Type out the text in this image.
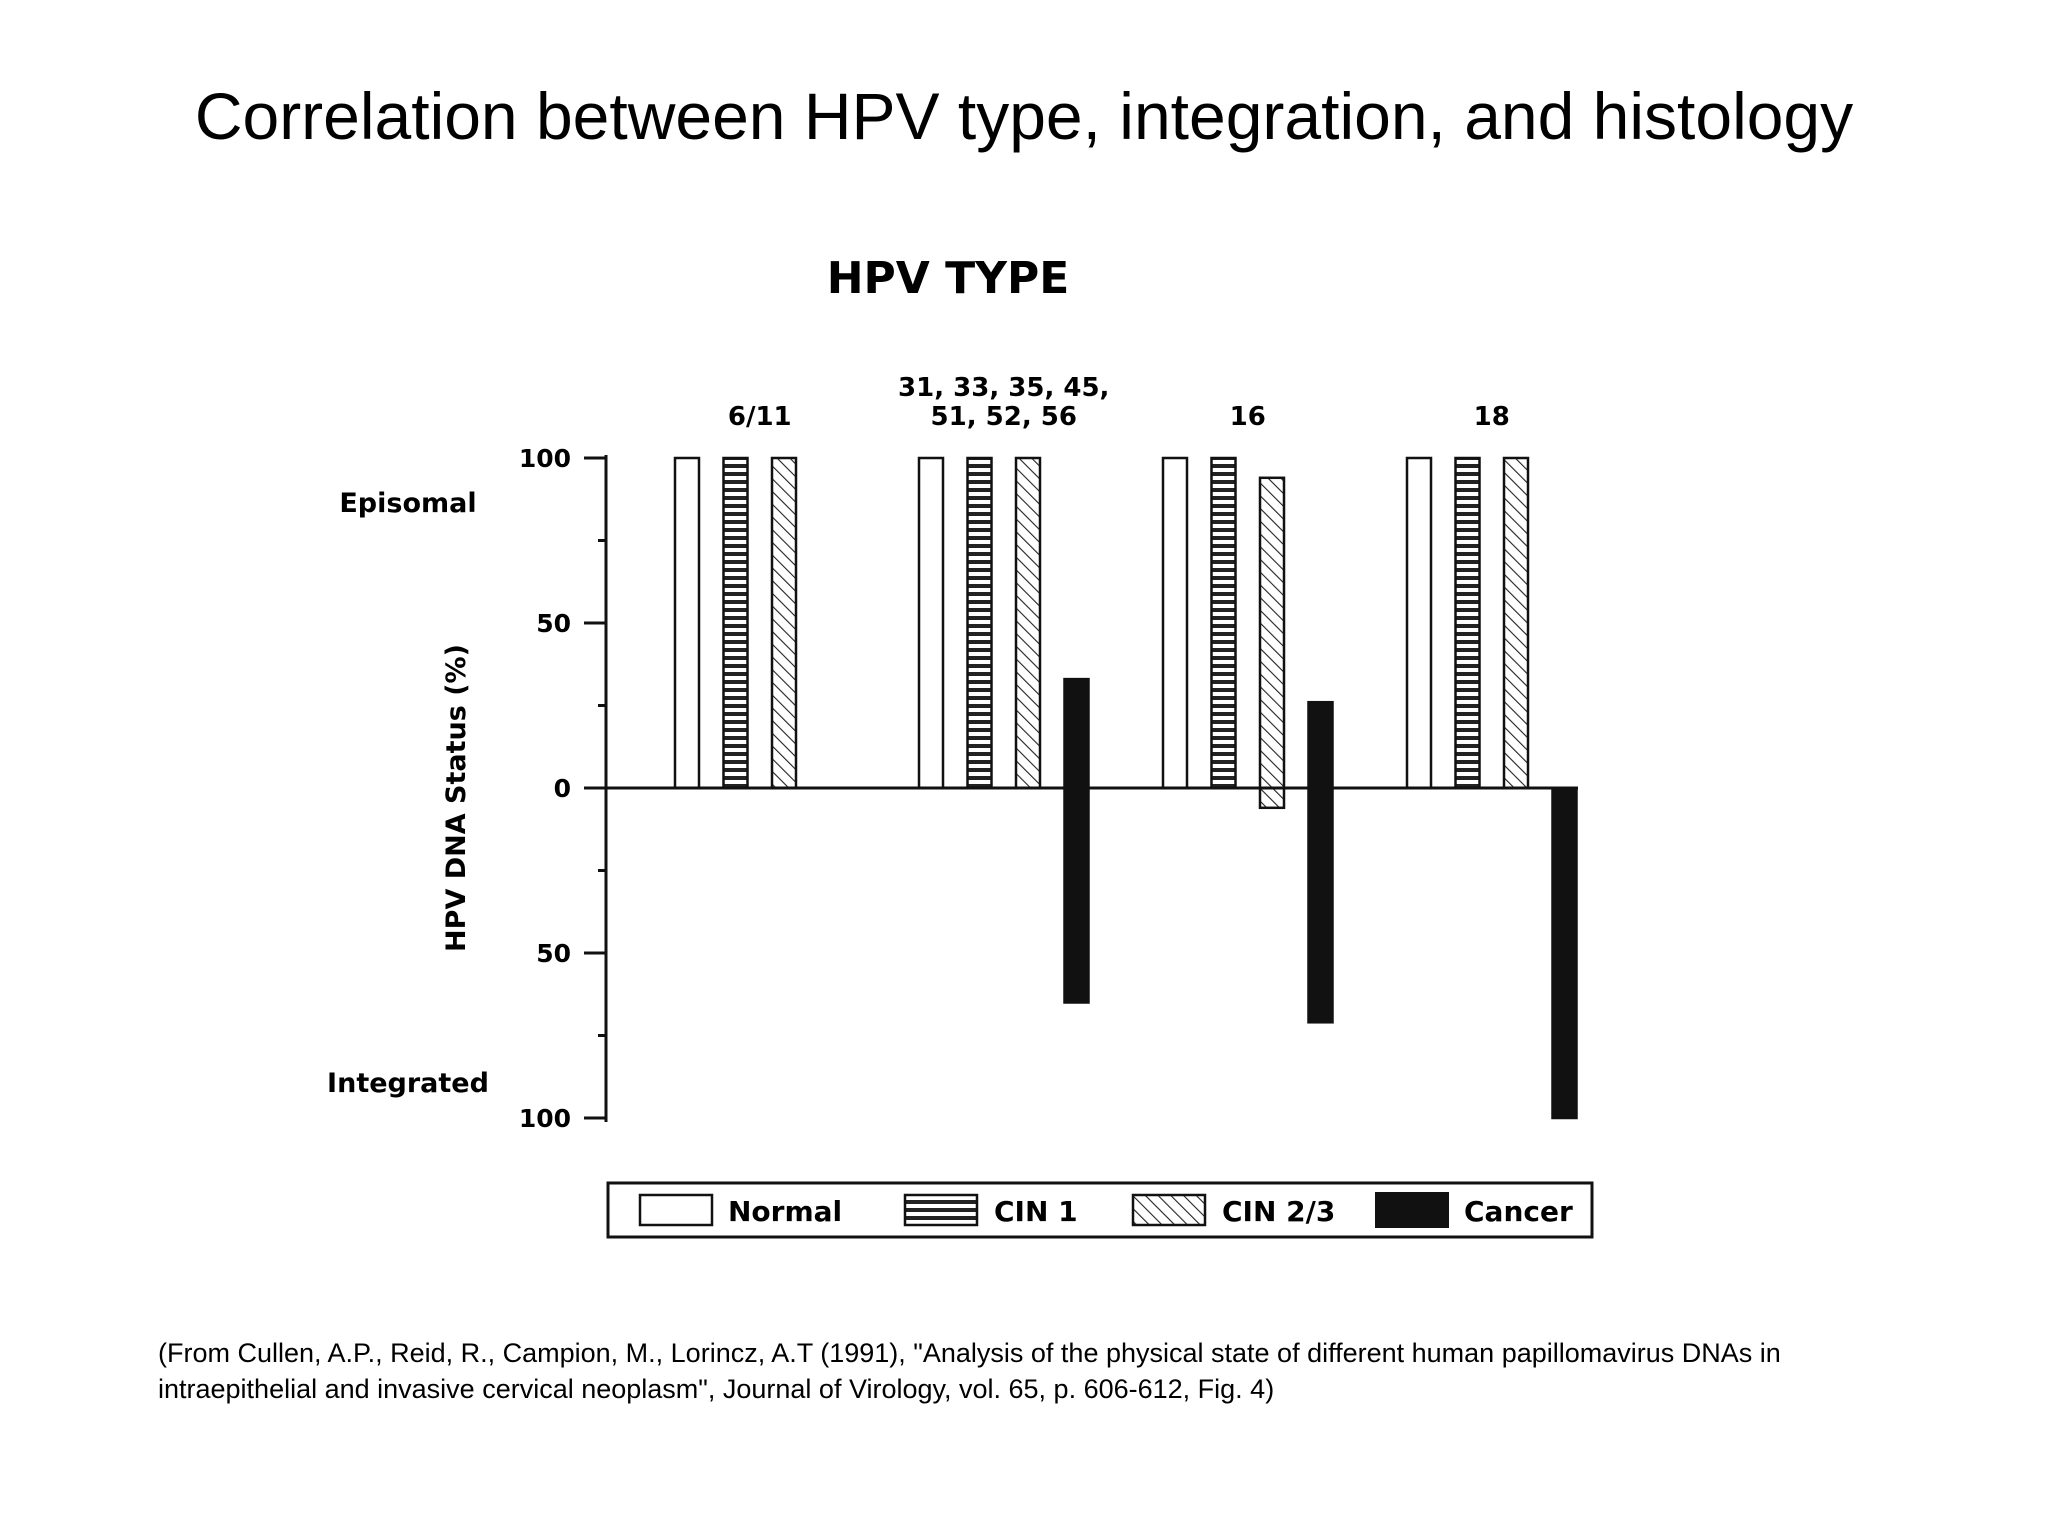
Correlation between HPV type, integration, and histology
HPV TYPE
Episomal
Integrated
HPV DNA Status (%)
100
50
0
50
100
6/11
31, 33, 35, 45,
51, 52, 56	16	18
Normal	CIN 1	CIN 2/3	Cancer
(From Cullen, A.P., Reid, R., Campion, M., Lorincz, A.T (1991), "Analysis of the physical state of different human papillomavirus DNAs in
intraepithelial and invasive cervical neoplasm", Journal of Virology, vol. 65, p. 606-612, Fig. 4)
